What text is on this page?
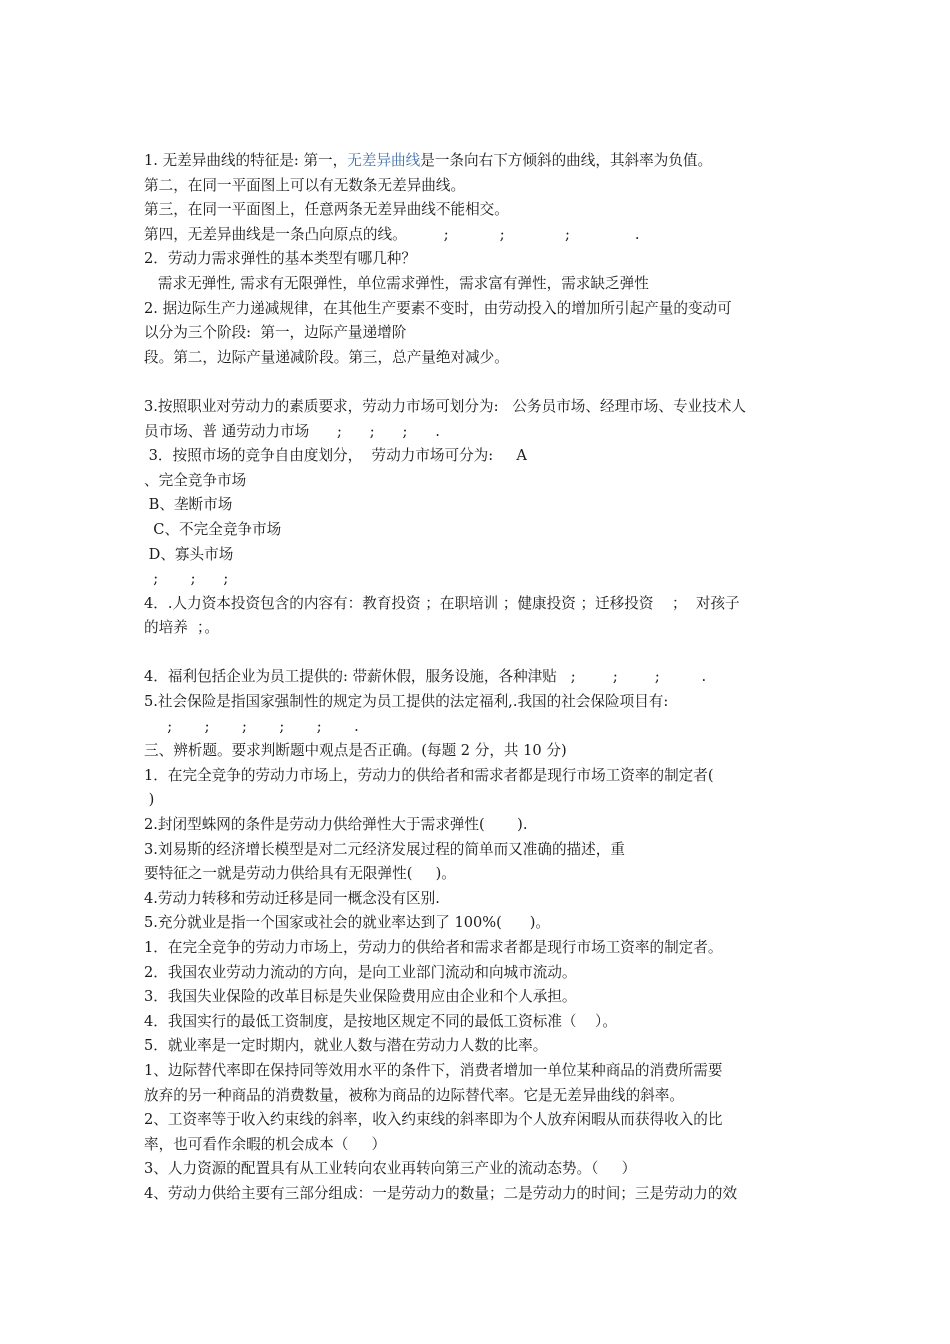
1. 无差异曲线的特征是: 第一，无差异曲线是一条向右下方倾斜的曲线，其斜率为负值。

第二，在同一平面图上可以有无数条无差异曲线。

第三，在同一平面图上，任意两条无差异曲线不能相交。

第四，无差异曲线是一条凸向原点的线。        ;           ;             ;              .

2．劳动力需求弹性的基本类型有哪几种？

需求无弹性, 需求有无限弹性，单位需求弹性，需求富有弹性，需求缺乏弹性

2. 据边际生产力递减规律，在其他生产要素不变时，由劳动投入的增加所引起产量的变动可

以分为三个阶段:  第一，边际产量递增阶

段。第二，边际产量递减阶段。第三，总产量绝对减少。

3.按照职业对劳动力的素质要求，劳动力市场可划分为:   公务员市场、经理市场、专业技术人

员市场、普 通劳动力市场      ;      ;      ;      .

3．按照市场的竞争自由度划分，  劳动力市场可分为:     A

、完全竞争市场

B、垄断市场

C、不完全竞争市场

D、寡头市场

;       ;      ;

4．.人力资本投资包含的内容有：教育投资 ；在职培训 ；健康投资 ；迁移投资    ；  对孩子

的培养  ；。

4．福利包括企业为员工提供的: 带薪休假，服务设施，各种津贴   ;        ;        ;         .

5.社会保险是指国家强制性的规定为员工提供的法定福利,.我国的社会保险项目有:

;       ;       ;       ;       ;       .

三、辨析题。要求判断题中观点是否正确。(每题 2 分，共 10 分)

1．在完全竞争的劳动力市场上，劳动力的供给者和需求者都是现行市场工资率的制定者(

)

2.封闭型蛛网的条件是劳动力供给弹性大于需求弹性(       ).

3.刘易斯的经济增长模型是对二元经济发展过程的简单而又准确的描述，重

要特征之一就是劳动力供给具有无限弹性(     )。

4.劳动力转移和劳动迁移是同一概念没有区别.

5.充分就业是指一个国家或社会的就业率达到了 100%(      )。

1．在完全竞争的劳动力市场上，劳动力的供给者和需求者都是现行市场工资率的制定者。

2．我国农业劳动力流动的方向，是向工业部门流动和向城市流动。

3．我国失业保险的改革目标是失业保险费用应由企业和个人承担。

4．我国实行的最低工资制度，是按地区规定不同的最低工资标准（    ）。

5．就业率是一定时期内，就业人数与潜在劳动力人数的比率。

1、边际替代率即在保持同等效用水平的条件下，消费者增加一单位某种商品的消费所需要

放弃的另一种商品的消费数量，被称为商品的边际替代率。它是无差异曲线的斜率。

2、工资率等于收入约束线的斜率，收入约束线的斜率即为个人放弃闲暇从而获得收入的比

率，也可看作余暇的机会成本（     ）

3、人力资源的配置具有从工业转向农业再转向第三产业的流动态势。（     ）

4、劳动力供给主要有三部分组成：一是劳动力的数量；二是劳动力的时间；三是劳动力的效
